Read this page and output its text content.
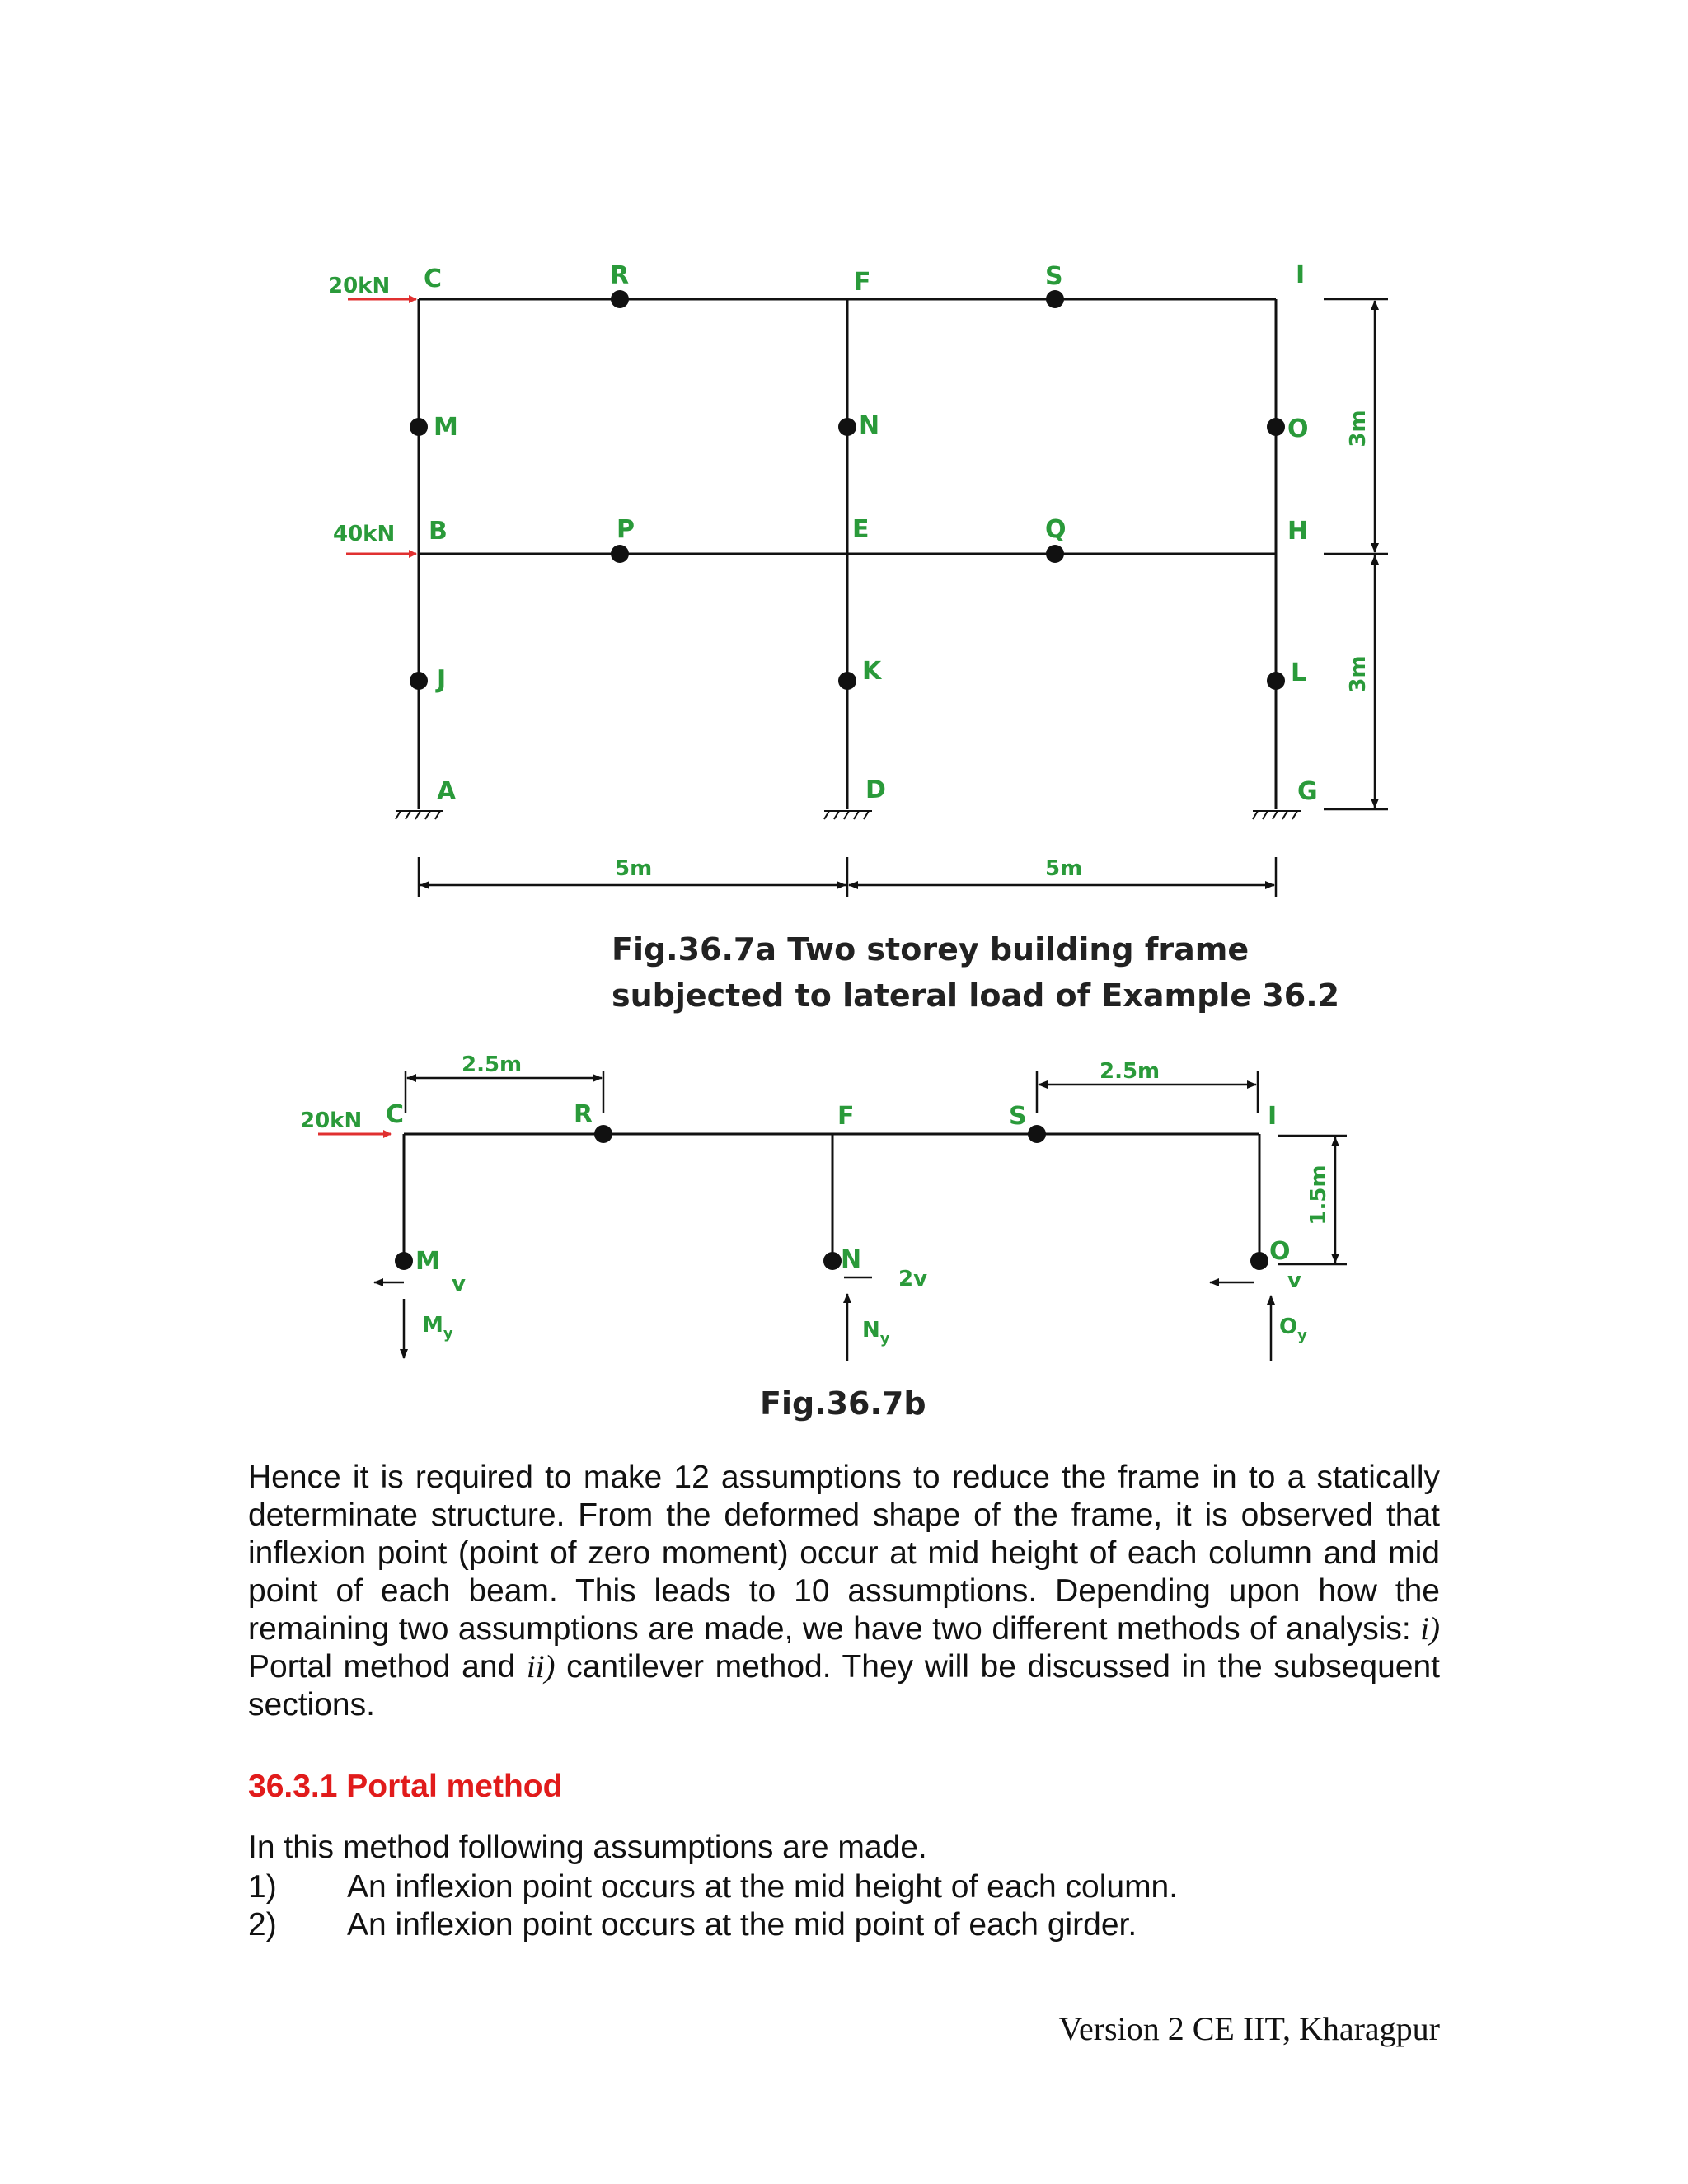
C	R	F	S	I
M	N	O
B	P	E	Q	H
J	K	L
A	D	G
20kN
40kN
5m	5m
3m
3m
Fig.36.7a Two storey building frame
subjected to lateral load of Example 36.2
C	R	F	S	I
M	N	O
20kN
2.5m	2.5m
1.5m
v
$M_y$
2v
$N_y$
v
$O_y$
Fig.36.7b
Hence it is required to make 12 assumptions to reduce the frame in to a statically determinate structure. From the deformed shape of the frame, it is observed that inflexion point (point of zero moment) occur at mid height of each column and mid point of each beam. This leads to 10 assumptions. Depending upon how the remaining two assumptions are made, we have two different methods of analysis: i) Portal method and ii) cantilever method. They will be discussed in the subsequent sections.
36.3.1 Portal method
In this method following assumptions are made.
1) An inflexion point occurs at the mid height of each column.
2) An inflexion point occurs at the mid point of each girder.
Version 2 CE IIT, Kharagpur
